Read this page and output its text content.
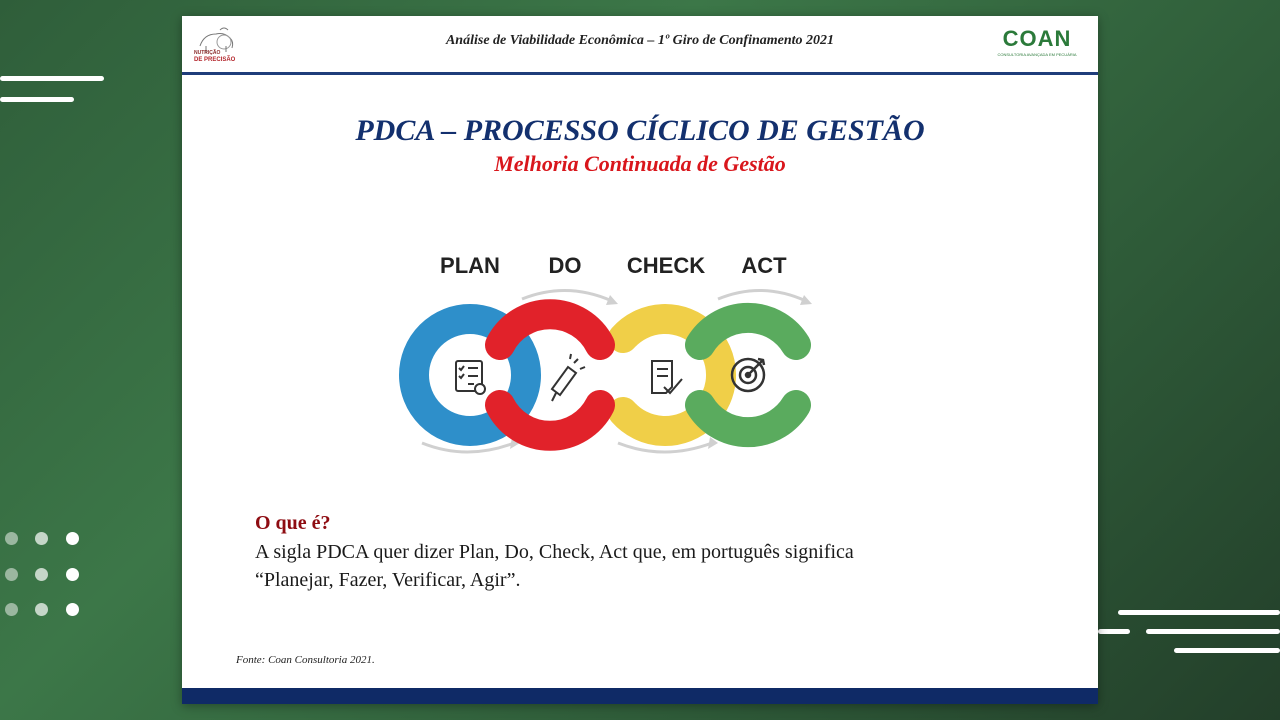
NUTRIÇÃO
DE PRECISÃO
Análise de Viabilidade Econômica – 1º Giro de Confinamento 2021	COAN
CONSULTORIA AVANÇADA EM PECUÁRIA
PDCA – PROCESSO CÍCLICO DE GESTÃO
Melhoria Continuada de Gestão
PLAN DO CHECK ACT
O que é?
A sigla PDCA quer dizer Plan, Do, Check, Act que, em português significa
“Planejar, Fazer, Verificar, Agir”.
Fonte: Coan Consultoria 2021.
